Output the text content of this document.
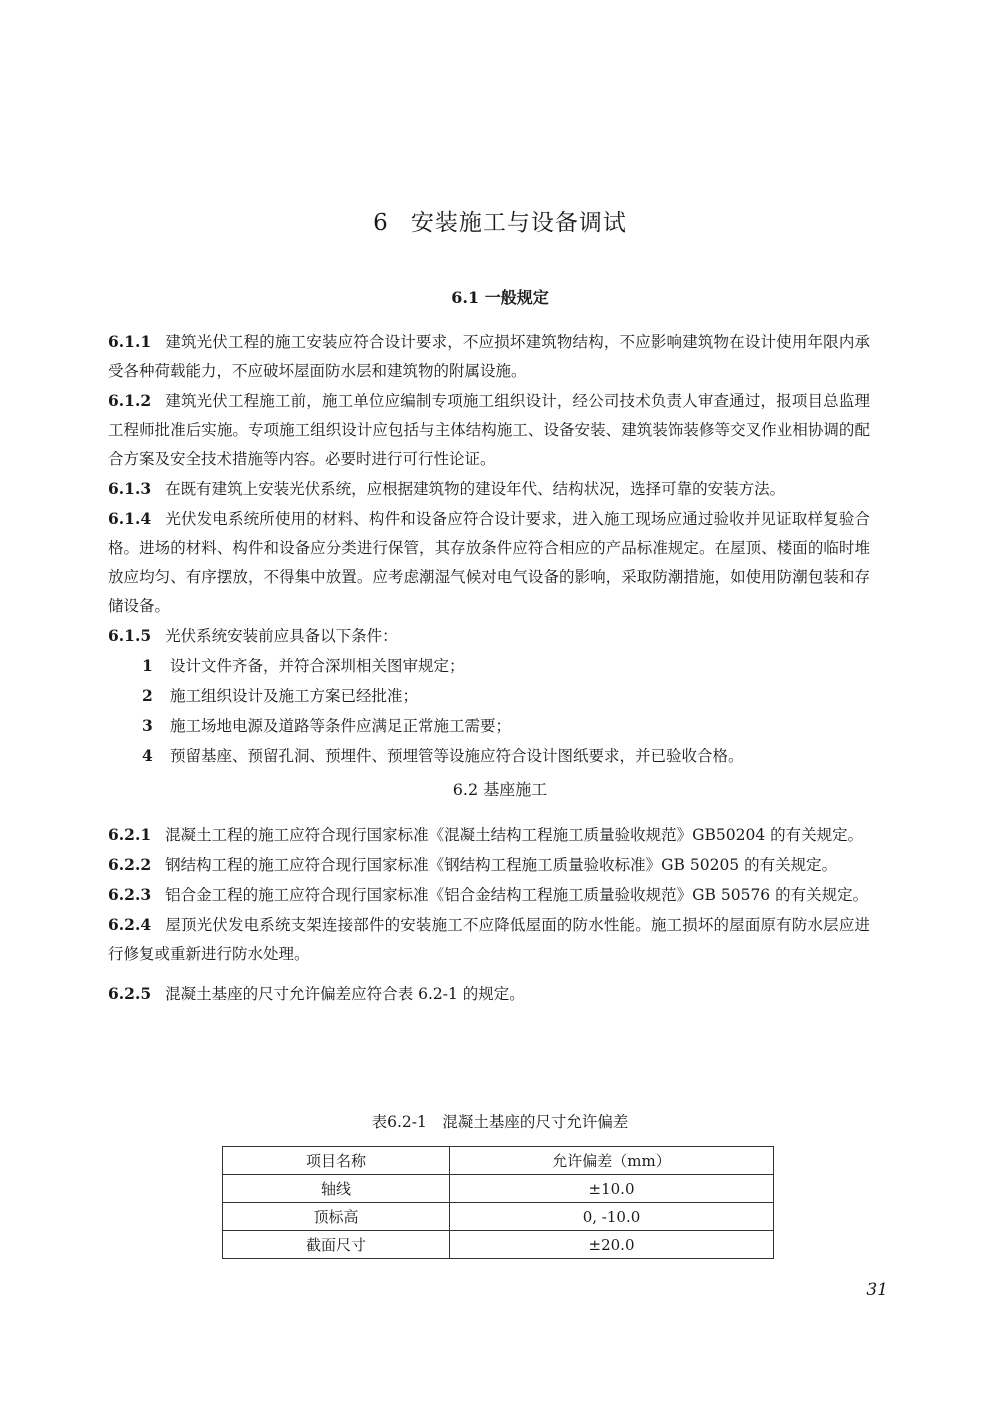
6 安装施工与设备调试
6.1 一般规定

6.1.1 建筑光伏工程的施工安装应符合设计要求，不应损坏建筑物结构，不应影响建筑物在设计使用年限内承受各种荷载能力，不应破坏屋面防水层和建筑物的附属设施。

6.1.2 建筑光伏工程施工前，施工单位应编制专项施工组织设计，经公司技术负责人审查通过，报项目总监理工程师批准后实施。专项施工组织设计应包括与主体结构施工、设备安装、建筑装饰装修等交叉作业相协调的配合方案及安全技术措施等内容。必要时进行可行性论证。

6.1.3 在既有建筑上安装光伏系统，应根据建筑物的建设年代、结构状况，选择可靠的安装方法。

6.1.4 光伏发电系统所使用的材料、构件和设备应符合设计要求，进入施工现场应通过验收并见证取样复验合格。进场的材料、构件和设备应分类进行保管，其存放条件应符合相应的产品标准规定。在屋顶、楼面的临时堆放应均匀、有序摆放，不得集中放置。应考虑潮湿气候对电气设备的影响，采取防潮措施，如使用防潮包装和存储设备。

6.1.5 光伏系统安装前应具备以下条件：

1 设计文件齐备，并符合深圳相关图审规定；

2 施工组织设计及施工方案已经批准；

3 施工场地电源及道路等条件应满足正常施工需要；

4 预留基座、预留孔洞、预埋件、预埋管等设施应符合设计图纸要求，并已验收合格。

6.2 基座施工

6.2.1 混凝土工程的施工应符合现行国家标准《混凝土结构工程施工质量验收规范》GB50204 的有关规定。

6.2.2 钢结构工程的施工应符合现行国家标准《钢结构工程施工质量验收标准》GB 50205 的有关规定。

6.2.3 铝合金工程的施工应符合现行国家标准《铝合金结构工程施工质量验收规范》GB 50576 的有关规定。

6.2.4 屋顶光伏发电系统支架连接部件的安装施工不应降低屋面的防水性能。施工损坏的屋面原有防水层应进行修复或重新进行防水处理。

6.2.5 混凝土基座的尺寸允许偏差应符合表 6.2-1 的规定。

表6.2-1　混凝土基座的尺寸允许偏差
项目名称	允许偏差（mm）
轴线	±10.0
顶标高	0, -10.0
截面尺寸	±20.0
31
